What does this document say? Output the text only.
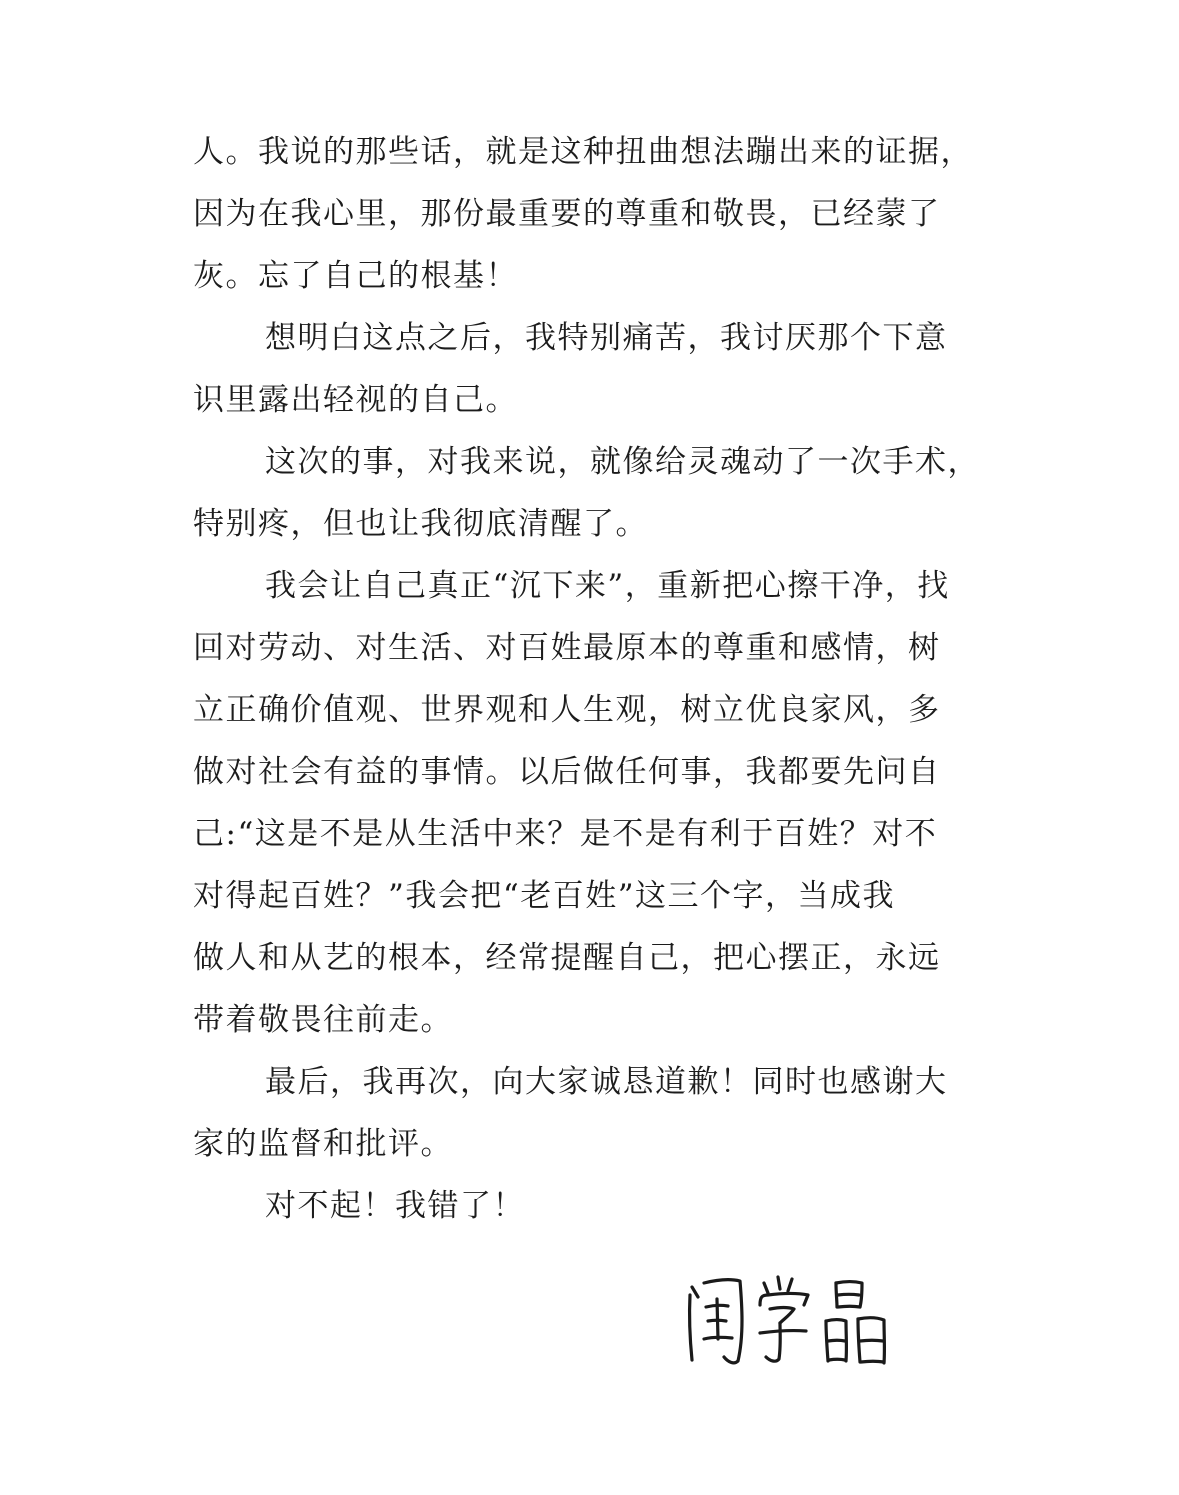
人。我说的那些话，就是这种扭曲想法蹦出来的证据，
因为在我心里，那份最重要的尊重和敬畏，已经蒙了
灰。忘了自己的根基！
想明白这点之后，我特别痛苦，我讨厌那个下意
识里露出轻视的自己。
这次的事，对我来说，就像给灵魂动了一次手术，
特别疼，但也让我彻底清醒了。
我会让自己真正“沉下来”，重新把心擦干净，找
回对劳动、对生活、对百姓最原本的尊重和感情，树
立正确价值观、世界观和人生观，树立优良家风，多
做对社会有益的事情。以后做任何事，我都要先问自
己:“这是不是从生活中来？是不是有利于百姓？对不
对得起百姓？”我会把“老百姓”这三个字，当成我
做人和从艺的根本，经常提醒自己，把心摆正，永远
带着敬畏往前走。
最后，我再次，向大家诚恳道歉！同时也感谢大
家的监督和批评。
对不起！我错了！
